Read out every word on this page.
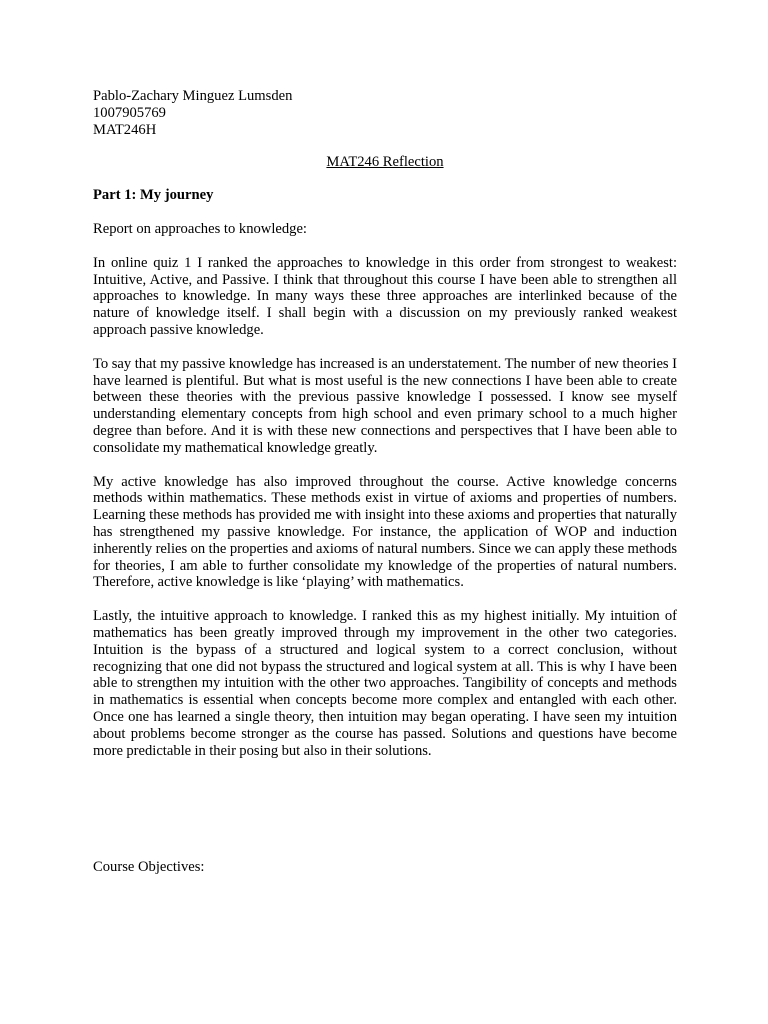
Pablo-Zachary Minguez Lumsden

1007905769

MAT246H

MAT246 Reflection

Part 1: My journey

Report on approaches to knowledge:

In online quiz 1 I ranked the approaches to knowledge in this order from strongest to weakest: Intuitive, Active, and Passive. I think that throughout this course I have been able to strengthen all approaches to knowledge. In many ways these three approaches are interlinked because of the nature of knowledge itself. I shall begin with a discussion on my previously ranked weakest approach passive knowledge.

To say that my passive knowledge has increased is an understatement. The number of new theories I have learned is plentiful. But what is most useful is the new connections I have been able to create between these theories with the previous passive knowledge I possessed. I know see myself understanding elementary concepts from high school and even primary school to a much higher degree than before. And it is with these new connections and perspectives that I have been able to consolidate my mathematical knowledge greatly.

My active knowledge has also improved throughout the course. Active knowledge concerns methods within mathematics. These methods exist in virtue of axioms and properties of numbers. Learning these methods has provided me with insight into these axioms and properties that naturally has strengthened my passive knowledge. For instance, the application of WOP and induction inherently relies on the properties and axioms of natural numbers. Since we can apply these methods for theories, I am able to further consolidate my knowledge of the properties of natural numbers. Therefore, active knowledge is like ‘playing’ with mathematics.

Lastly, the intuitive approach to knowledge. I ranked this as my highest initially. My intuition of mathematics has been greatly improved through my improvement in the other two categories. Intuition is the bypass of a structured and logical system to a correct conclusion, without recognizing that one did not bypass the structured and logical system at all. This is why I have been able to strengthen my intuition with the other two approaches. Tangibility of concepts and methods in mathematics is essential when concepts become more complex and entangled with each other. Once one has learned a single theory, then intuition may began operating. I have seen my intuition about problems become stronger as the course has passed. Solutions and questions have become more predictable in their posing but also in their solutions.

Course Objectives:
